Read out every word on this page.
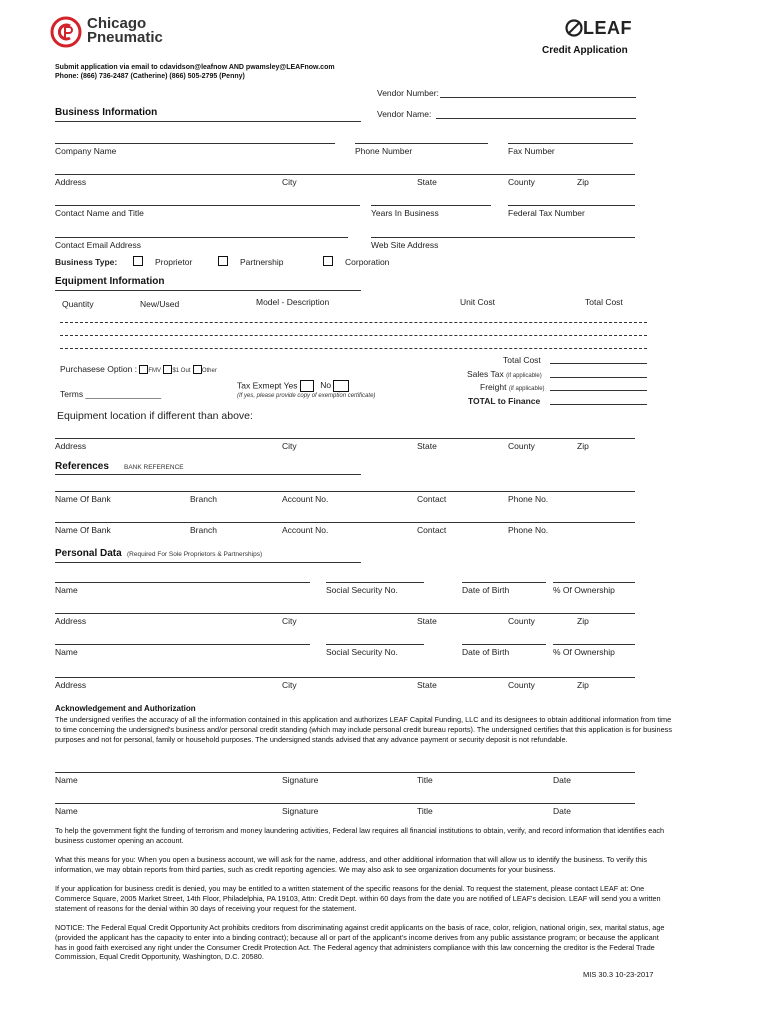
Chicago
Pneumatic	LEAF
Credit Application
Submit application via email to cdavidson@leafnow AND pwamsley@LEAFnow.com
Phone: (866) 736-2487 (Catherine) (866) 505-2795 (Penny)
Vendor Number:
Vendor Name:
Business Information
Company Name	Phone Number	Fax Number
Address	City	State	County	Zip
Contact Name and Title	Years In Business	Federal Tax Number
Contact Email Address	Web Site Address
Business Type:	Proprietor	Partnership	Corporation
Equipment Information
Quantity	New/Used	Model - Description	Unit Cost	Total Cost
Purchasese Option : FMV $1 Out Other
Terms ________________
Tax Exmept Yes	No
(If yes, please provide copy of exemption certificate)
Total Cost
Sales Tax (if applicable)
Freight (if applicable)
TOTAL to Finance
Equipment location if different than above:
Address	City	State	County	Zip
References BANK REFERENCE
Name Of Bank	Branch	Account No.	Contact	Phone No.
Name Of Bank	Branch	Account No.	Contact	Phone No.
Personal Data (Required For Sole Proprietors & Partnerships)
Name	Social Security No.	Date of Birth	% Of Ownership
Address	City	State	County	Zip
Name	Social Security No.	Date of Birth	% Of Ownership
Address	City	State	County	Zip
Acknowledgement and Authorization
The undersigned verifies the accuracy of all the information contained in this application and authorizes LEAF Capital Funding, LLC and its designees to obtain additional information from time to time concerning the undersigned's business and/or personal credit standing (which may include personal credit bureau reports). The undersigned certifies that this application is for business purposes and not for personal, family or household purposes. The undersigned stands advised that any advance payment or security deposit is not refundable.
Name	Signature	Title	Date
Name	Signature	Title	Date
To help the government fight the funding of terrorism and money laundering activities, Federal law requires all financial institutions to obtain, verify, and record information that identifies each business customer opening an account.
What this means for you: When you open a business account, we will ask for the name, address, and other additional information that will allow us to identify the business. To verify this information, we may obtain reports from third parties, such as credit reporting agencies. We may also ask to see organization documents for your business.
If your application for business credit is denied, you may be entitled to a written statement of the specific reasons for the denial. To request the statement, please contact LEAF at: One Commerce Square, 2005 Market Street, 14th Floor, Philadelphia, PA 19103, Attn: Credit Dept. within 60 days from the date you are notified of LEAF's decision. LEAF will send you a written statement of reasons for the denial within 30 days of receiving your request for the statement.
NOTICE: The Federal Equal Credit Opportunity Act prohibits creditors from discriminating against credit applicants on the basis of race, color, religion, national origin, sex, marital status, age (provided the applicant has the capacity to enter into a binding contract); because all or part of the applicant's income derives from any public assistance program; or because the applicant has in good faith exercised any right under the Consumer Credit Protection Act. The Federal agency that administers compliance with this law concerning the creditor is the Federal Trade Commission, Equal Credit Opportunity, Washington, D.C. 20580.
MIS 30.3 10-23-2017
